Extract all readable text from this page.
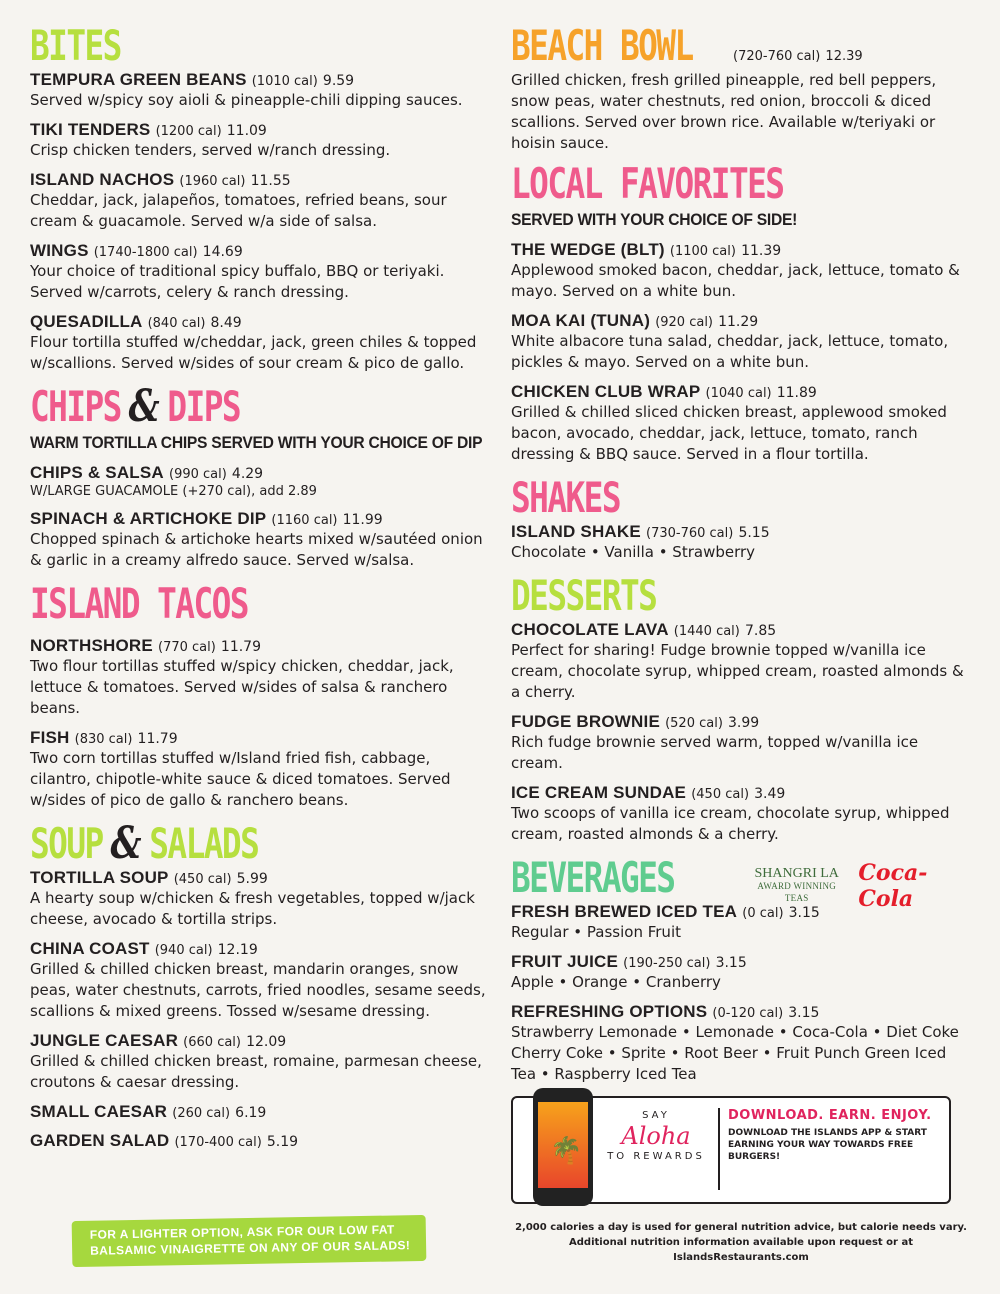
BITES
TEMPURA GREEN BEANS (1010 cal) 9.59
Served w/spicy soy aioli & pineapple-chili dipping sauces.
TIKI TENDERS (1200 cal) 11.09
Crisp chicken tenders, served w/ranch dressing.
ISLAND NACHOS (1960 cal) 11.55
Cheddar, jack, jalapeños, tomatoes, refried beans, sour cream & guacamole. Served w/a side of salsa.
WINGS (1740-1800 cal) 14.69
Your choice of traditional spicy buffalo, BBQ or teriyaki. Served w/carrots, celery & ranch dressing.
QUESADILLA (840 cal) 8.49
Flour tortilla stuffed w/cheddar, jack, green chiles & topped w/scallions. Served w/sides of sour cream & pico de gallo.
CHIPS & DIPS
WARM TORTILLA CHIPS SERVED WITH YOUR CHOICE OF DIP
CHIPS & SALSA (990 cal) 4.29
W/LARGE GUACAMOLE (+270 cal), add 2.89
SPINACH & ARTICHOKE DIP (1160 cal) 11.99
Chopped spinach & artichoke hearts mixed w/sautéed onion & garlic in a creamy alfredo sauce. Served w/salsa.
ISLAND TACOS
NORTHSHORE (770 cal) 11.79
Two flour tortillas stuffed w/spicy chicken, cheddar, jack, lettuce & tomatoes. Served w/sides of salsa & ranchero beans.
FISH (830 cal) 11.79
Two corn tortillas stuffed w/Island fried fish, cabbage, cilantro, chipotle-white sauce & diced tomatoes. Served w/sides of pico de gallo & ranchero beans.
SOUP & SALADS
TORTILLA SOUP (450 cal) 5.99
A hearty soup w/chicken & fresh vegetables, topped w/jack cheese, avocado & tortilla strips.
CHINA COAST (940 cal) 12.19
Grilled & chilled chicken breast, mandarin oranges, snow peas, water chestnuts, carrots, fried noodles, sesame seeds, scallions & mixed greens. Tossed w/sesame dressing.
JUNGLE CAESAR (660 cal) 12.09
Grilled & chilled chicken breast, romaine, parmesan cheese, croutons & caesar dressing.
SMALL CAESAR (260 cal) 6.19
GARDEN SALAD (170-400 cal) 5.19
FOR A LIGHTER OPTION, ASK FOR OUR LOW FAT BALSAMIC VINAIGRETTE ON ANY OF OUR SALADS!
BEACH BOWL	(720-760 cal)
12.39
Grilled chicken, fresh grilled pineapple, red bell peppers, snow peas, water chestnuts, red onion, broccoli & diced scallions. Served over brown rice. Available w/teriyaki or hoisin sauce.
LOCAL FAVORITES
SERVED WITH YOUR CHOICE OF SIDE!
THE WEDGE (BLT) (1100 cal) 11.39
Applewood smoked bacon, cheddar, jack, lettuce, tomato & mayo. Served on a white bun.
MOA KAI (TUNA) (920 cal) 11.29
White albacore tuna salad, cheddar, jack, lettuce, tomato, pickles & mayo. Served on a white bun.
CHICKEN CLUB WRAP (1040 cal) 11.89
Grilled & chilled sliced chicken breast, applewood smoked bacon, avocado, cheddar, jack, lettuce, tomato, ranch dressing & BBQ sauce. Served in a flour tortilla.
SHAKES
ISLAND SHAKE (730-760 cal) 5.15
Chocolate • Vanilla • Strawberry
DESSERTS
CHOCOLATE LAVA (1440 cal) 7.85
Perfect for sharing! Fudge brownie topped w/vanilla ice cream, chocolate syrup, whipped cream, roasted almonds & a cherry.
FUDGE BROWNIE (520 cal) 3.99
Rich fudge brownie served warm, topped w/vanilla ice cream.
ICE CREAM SUNDAE (450 cal) 3.49
Two scoops of vanilla ice cream, chocolate syrup, whipped cream, roasted almonds & a cherry.
BEVERAGES	SHANGRI LA
AWARD WINNING TEAS
Coca-Cola
FRESH BREWED ICED TEA (0 cal) 3.15
Regular • Passion Fruit
FRUIT JUICE (190-250 cal) 3.15
Apple • Orange • Cranberry
REFRESHING OPTIONS (0-120 cal) 3.15
Strawberry Lemonade • Lemonade • Coca-Cola • Diet Coke Cherry Coke • Sprite • Root Beer • Fruit Punch Green Iced Tea • Raspberry Iced Tea
🌴
SAY
Aloha
TO REWARDS
DOWNLOAD. EARN. ENJOY.
DOWNLOAD THE ISLANDS APP & START EARNING YOUR WAY TOWARDS FREE BURGERS!
2,000 calories a day is used for general nutrition advice, but calorie needs vary. Additional nutrition information available upon request or at IslandsRestaurants.com
